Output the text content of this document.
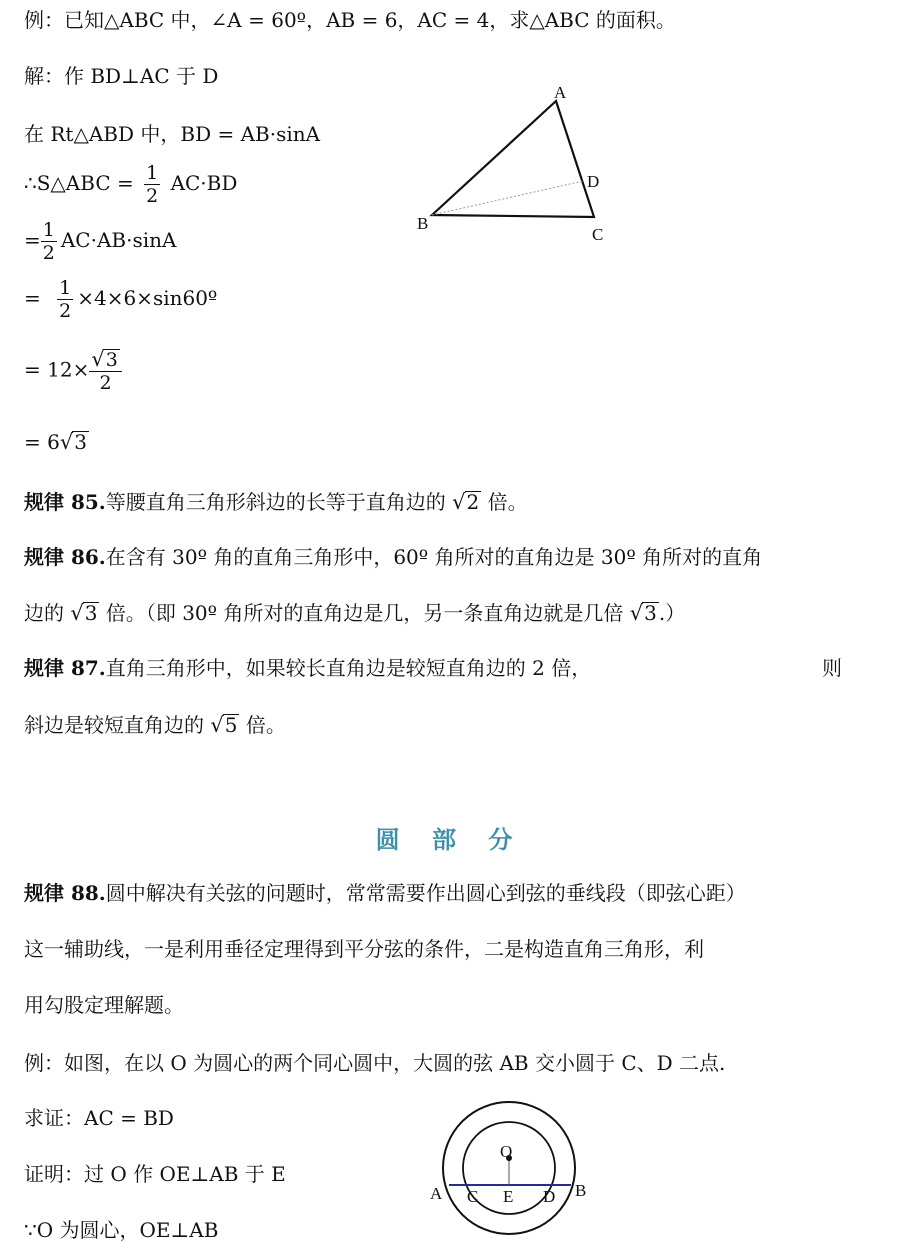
例：已知△ABC 中，∠A = 60º，AB = 6，AC = 4，求△ABC 的面积。
解：作 BD⊥AC 于 D
在 Rt△ABD 中，BD = AB·sinA
∴S△ABC = $\frac{1}{2} AC\cdot BD$
= $\frac{1}{2} AC\cdot AB\cdot\sin A$
= $\frac{1}{2}$ ×4×6×sin60º
= $12\times \frac{√3}{2}$
= 6√3
A
B
C
D
规律 85.等腰直角三角形斜边的长等于直角边的 √2 倍。
规律 86.在含有 30º 角的直角三角形中，60º 角所对的直角边是 30º 角所对的直角
边的 √3 倍。（即 30º 角所对的直角边是几，另一条直角边就是几倍 √3 .）
规律 87.直角三角形中，如果较长直角边是较短直角边的 2 倍，	则
斜边是较短直角边的 √5 倍。
圆 部 分
规律 88.圆中解决有关弦的问题时，常常需要作出圆心到弦的垂线段（即弦心距）
这一辅助线，一是利用垂径定理得到平分弦的条件，二是构造直角三角形，利
用勾股定理解题。
例：如图，在以 O 为圆心的两个同心圆中，大圆的弦 AB 交小圆于 C、D 二点.
求证：AC = BD
证明：过 O 作 OE⊥AB 于 E
∵O 为圆心，OE⊥AB
O
A	B
C E D
